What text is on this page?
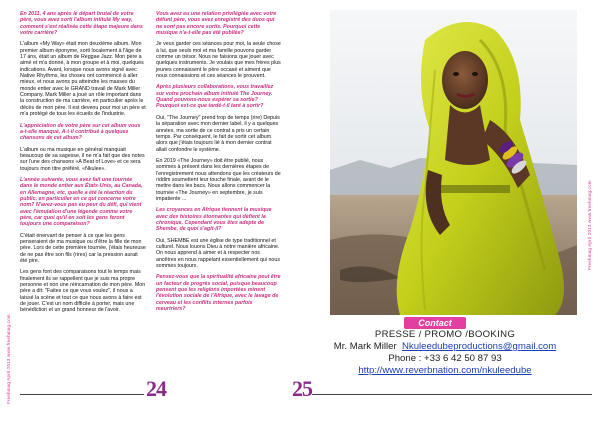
Freehmag April 2013 www.freehmag.com

En 2011, 4 ans après le départ brutal de votre père, vous avez sorti l'album intitulé My way, comment s'est réalisée cette étape majeure dans votre carrière?

L'album «My Way» était mon deuxième album. Mon premier album éponyme, sorti localement à l'âge de 17 ans, était un album de Reggae Jazz. Mon père a aimé et m'a donné, à mon groupe et à moi, quelques indications. Avant, lorsque nous avons signé avec Native Rhythms, les choses ont commencé à aller mieux, et nous avons pu atteindre les masses du monde entier avec le GRAND travail de Mark Miller Company. Mark Miller a joué un rôle important dans la construction de ma carrière, en particulier après le décès de mon père. Il est devenu pour moi un père et m'a protégé de tous les écueils de l'industrie.

L'appréciation de votre père sur cet album vous a-t-elle manqué, A-t-il contribué à quelques chansons de cet album?

L'album ou ma musique en général manquait beaucoup de sa sagesse, il ne m'a fait que des notes sur l'une des chansons «A Beat of Love» et ce sera toujours mon titre préféré, «Nkulee».

L'année suivante, vous avez fait une tournée dans le monde entier aux États-Unis, au Canada, en Allemagne, etc, quelle a été la réaction du public, en particulier en ce qui concerne votre nom? N'avez-vous pas eu peur du défi, qui vient avec l'émulation d'une légende comme votre père, car quoi qu'il en soit les gens feront toujours une comparaison?

C'était énervant de penser à ce que les gens penseraient de ma musique ou d'être la fille de mon père. Lors de cette première tournée, j'étais heureuse de ne pas être son fils (rires) car la pression aurait été pire.

Les gens font des comparaisons tout le temps mais finalement ils se rappellent que je suis ma propre personne et non une réincarnation de mon père. Mon père a dit: "Faites ce que vous voulez", il nous a laissé la scène et tout ce que nous avons à faire est de jouer. C'est un nom difficile à porter, mais une bénédiction et un grand honneur de l'avoir.

Vous avez eu une relation privilégiée avec votre défunt père, vous avez enregistré des duos qui ne sont pas encore sortis. Pourquoi cette musique n'a-t-elle pas été publiée?

Je veux garder ces séances pour moi, la seule chose à lui, que seuls moi et ma famille pouvons garder comme un trésor. Nous ne faisions que jouer avec quelques instruments. Je voulais que mes frères plus jeunes connaissent le père occasé et aiment que nous connaissions et ces séances le prouvent.

Après plusieurs collaborations, vous travaillez sur votre prochain album intitulé The Journey. Quand pouvons-nous espérer sa sortie? Pourquoi est-ce que tardé-t-il tant à sortir?

Oui, "The Journey" prend trop de temps (rire) Depuis la séparation avec mon dernier label, il y a quelques années, ma sortie de ce contrat a pris un certain temps. Par conséquent, le fait de sortir cet album alors que j'étais toujours lié à mon dernier contrat allait confondre le système.

En 2019 «The Journey» doit être publié, nous sommes à présent dans les dernières étapes de l'enregistrement nous attendons que les créateurs de riddim soumettent leur touche finale, avant de le mettre dans les bacs. Nous allons commencer la tournée «The Journey» en septembre, je suis impatiente ...

Les croyances en Afrique tiennent la musique avec des histoires étonnantes qui défient la chronique. Cependant vous êtes adepte de Shembe, de quoi s'agit-il?

Oui, SHEMBE est une église de type traditionnel et culturel. Nous louons Dieu à notre manière africaine. On nous apprend à aimer et à respecter nos ancêtres en nous rappelant essentiellement qui nous sommes toujours.

Pensez-vous que la spiritualité africaine peut être un facteur de progrès social, puisque beaucoup pensent que les religions importées minent l'évolution sociale de l'Afrique, avec le lavage de cerveau et les conflits internes parfois meurtriers?

24
Contact
PRESSE / PROMO /BOOKING
Mr. Mark Miller Nkuleedubeproductions@gmail.com
Phone : +33 6 42 50 87 93
http://www.reverbnation.com/nkuleedube
25
Freehmag April 2013 www.freehmag.com
